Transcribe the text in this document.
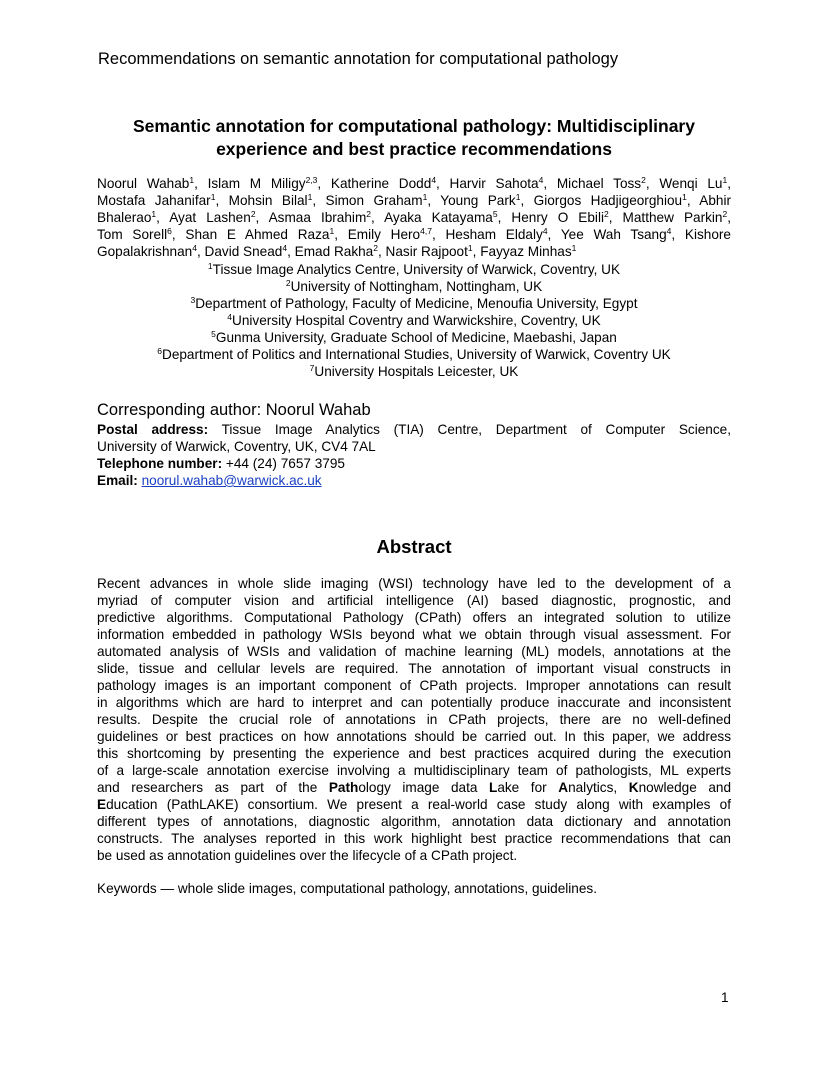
Recommendations on semantic annotation for computational pathology
Semantic annotation for computational pathology: Multidisciplinary
experience and best practice recommendations
Noorul Wahab$^1$, Islam M Miligy$^{2,3}$, Katherine Dodd$^4$, Harvir Sahota$^4$, Michael Toss$^2$, Wenqi Lu$^1$,
Mostafa Jahanifar$^1$, Mohsin Bilal$^1$, Simon Graham$^1$, Young Park$^1$, Giorgos Hadjigeorghiou$^1$, Abhir
Bhalerao$^1$, Ayat Lashen$^2$, Asmaa Ibrahim$^2$, Ayaka Katayama$^5$, Henry O Ebili$^2$, Matthew Parkin$^2$,
Tom Sorell$^6$, Shan E Ahmed Raza$^1$, Emily Hero$^{4,7}$, Hesham Eldaly$^4$, Yee Wah Tsang$^4$, Kishore
Gopalakrishnan$^4$, David Snead$^4$, Emad Rakha$^2$, Nasir Rajpoot$^1$, Fayyaz Minhas$^1$
$^1$Tissue Image Analytics Centre, University of Warwick, Coventry, UK
$^2$University of Nottingham, Nottingham, UK
$^3$Department of Pathology, Faculty of Medicine, Menoufia University, Egypt
$^4$University Hospital Coventry and Warwickshire, Coventry, UK
$^5$Gunma University, Graduate School of Medicine, Maebashi, Japan
$^6$Department of Politics and International Studies, University of Warwick, Coventry UK
$^7$University Hospitals Leicester, UK
Corresponding author: Noorul Wahab
Postal address: Tissue Image Analytics (TIA) Centre, Department of Computer Science,
University of Warwick, Coventry, UK, CV4 7AL
Telephone number: +44 (24) 7657 3795
Email: noorul.wahab@warwick.ac.uk
Abstract
Recent advances in whole slide imaging (WSI) technology have led to the development of a
myriad of computer vision and artificial intelligence (AI) based diagnostic, prognostic, and
predictive algorithms. Computational Pathology (CPath) offers an integrated solution to utilize
information embedded in pathology WSIs beyond what we obtain through visual assessment. For
automated analysis of WSIs and validation of machine learning (ML) models, annotations at the
slide, tissue and cellular levels are required. The annotation of important visual constructs in
pathology images is an important component of CPath projects. Improper annotations can result
in algorithms which are hard to interpret and can potentially produce inaccurate and inconsistent
results. Despite the crucial role of annotations in CPath projects, there are no well-defined
guidelines or best practices on how annotations should be carried out. In this paper, we address
this shortcoming by presenting the experience and best practices acquired during the execution
of a large-scale annotation exercise involving a multidisciplinary team of pathologists, ML experts
and researchers as part of the Pathology image data Lake for Analytics, Knowledge and
Education (PathLAKE) consortium. We present a real-world case study along with examples of
different types of annotations, diagnostic algorithm, annotation data dictionary and annotation
constructs. The analyses reported in this work highlight best practice recommendations that can
be used as annotation guidelines over the lifecycle of a CPath project.
Keywords — whole slide images, computational pathology, annotations, guidelines.
1
